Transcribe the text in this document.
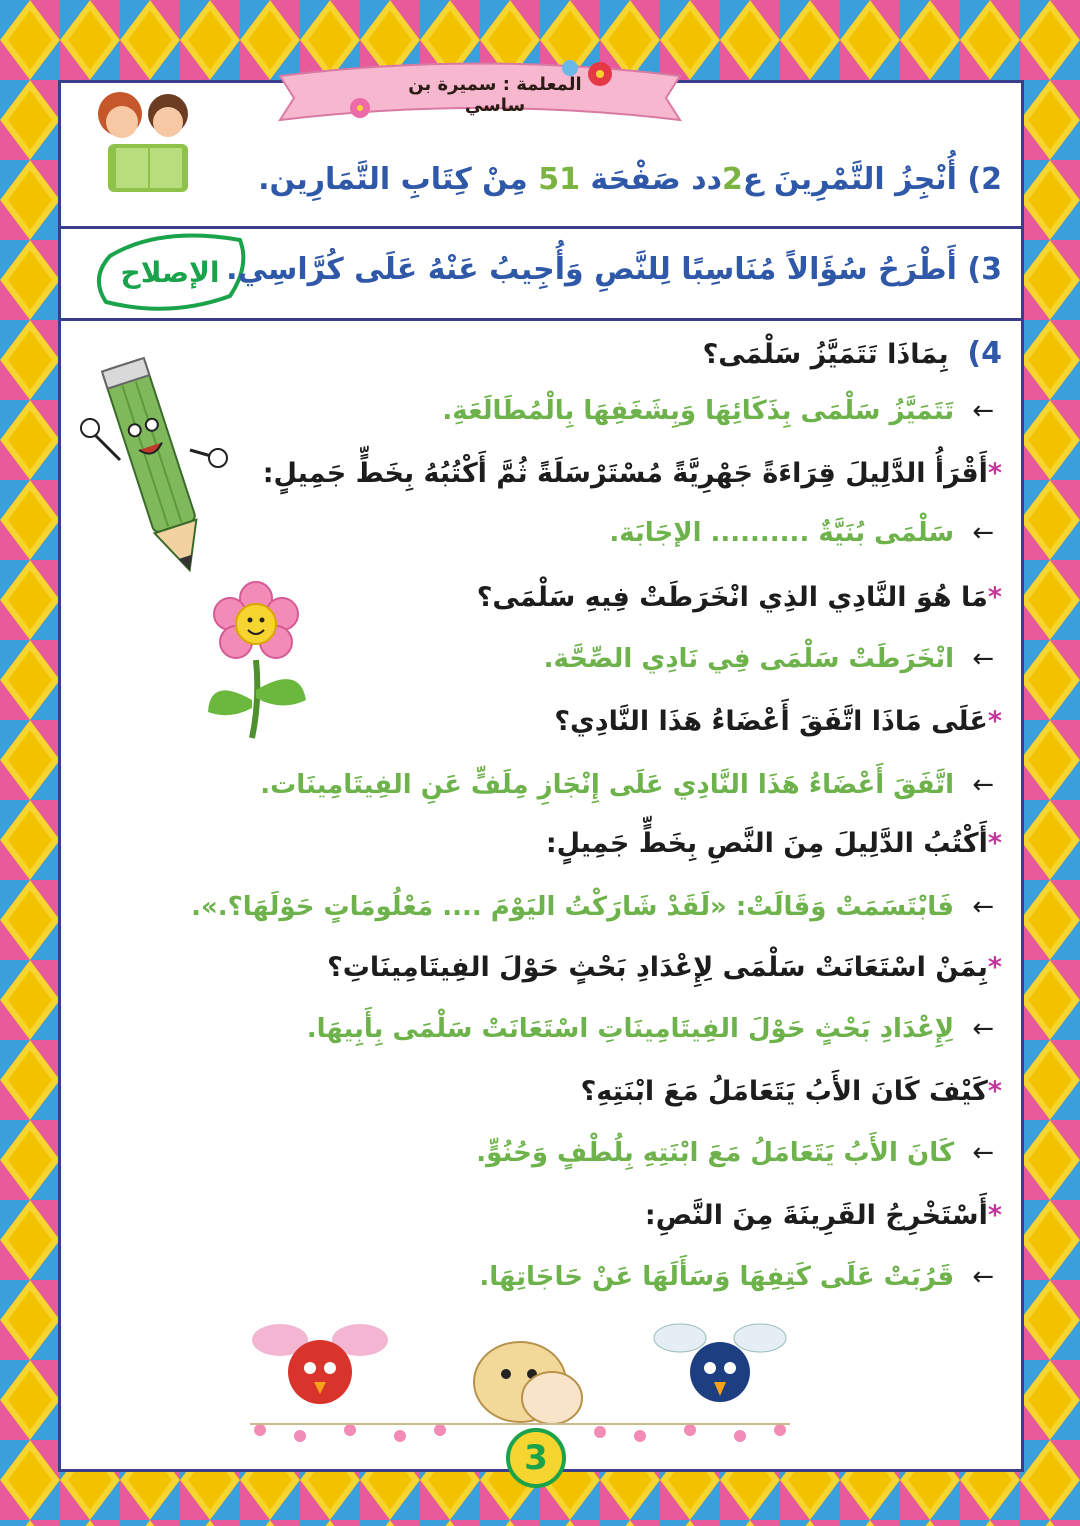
المعلمة : سميرة بن ساسي
الإصلاح
2) أُنْجِزُ التَّمْرِينَ ع2دد صَفْحَة 51 مِنْ كِتَابِ التَّمَارِين.
3) أَطْرَحُ سُؤَالاً مُنَاسِبًا لِلنَّصِ وَأُجِيبُ عَنْهُ عَلَى كُرَّاسِي.
4)  بِمَاذَا تَتَمَيَّزُ سَلْمَى؟
←  تَتَمَيَّزُ سَلْمَى بِذَكَائِهَا وَبِشَغَفِهَا بِالْمُطَالَعَةِ.
*أَقْرَأُ الدَّلِيلَ قِرَاءَةً جَهْرِيَّةً مُسْتَرْسَلَةً ثُمَّ أَكْتُبُهُ بِخَطٍّ جَمِيلٍ:
←  سَلْمَى بُنَيَّةٌ .......... الإجَابَة.
*مَا هُوَ النَّادِي الذِي انْخَرَطَتْ فِيهِ سَلْمَى؟
←  انْخَرَطَتْ سَلْمَى فِي نَادِي الصِّحَّة.
*عَلَى مَاذَا اتَّفَقَ أَعْضَاءُ هَذَا النَّادِي؟
←  اتَّفَقَ أَعْضَاءُ هَذَا النَّادِي عَلَى إِنْجَازِ مِلَفٍّ عَنِ الفِيتَامِينَات.
*أَكْتُبُ الدَّلِيلَ مِنَ النَّصِ بِخَطٍّ جَمِيلٍ:
←  فَابْتَسَمَتْ وَقَالَتْ: «لَقَدْ شَارَكْتُ اليَوْمَ .... مَعْلُومَاتٍ حَوْلَهَا؟.».
*بِمَنْ اسْتَعَانَتْ سَلْمَى لِإِعْدَادِ بَحْثٍ حَوْلَ الفِيتَامِينَاتِ؟
←  لِإِعْدَادِ بَحْثٍ حَوْلَ الفِيتَامِينَاتِ اسْتَعَانَتْ سَلْمَى بِأَبِيهَا.
*كَيْفَ كَانَ الأَبُ يَتَعَامَلُ مَعَ ابْنَتِهِ؟
←  كَانَ الأَبُ يَتَعَامَلُ مَعَ ابْنَتِهِ بِلُطْفٍ وَحُنُوٍّ.
*أَسْتَخْرِجُ القَرِينَةَ مِنَ النَّصِ:
←  قَرُبَتْ عَلَى كَتِفِهَا وَسَأَلَهَا عَنْ حَاجَاتِهَا.
3
